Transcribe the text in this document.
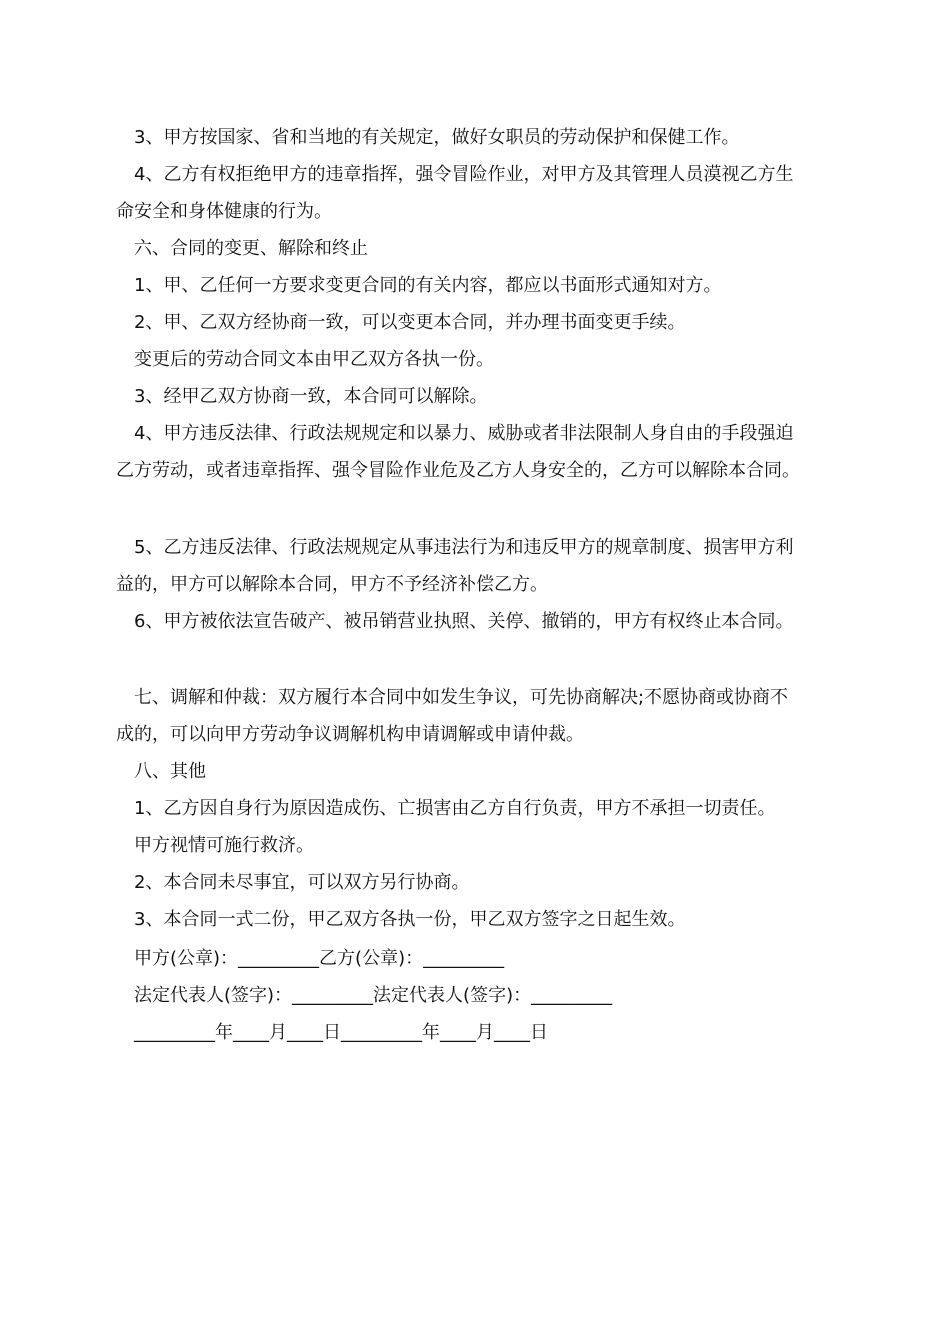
3、甲方按国家、省和当地的有关规定，做好女职员的劳动保护和保健工作。
4、乙方有权拒绝甲方的违章指挥，强令冒险作业，对甲方及其管理人员漠视乙方生
命安全和身体健康的行为。
六、合同的变更、解除和终止
1、甲、乙任何一方要求变更合同的有关内容，都应以书面形式通知对方。
2、甲、乙双方经协商一致，可以变更本合同，并办理书面变更手续。
变更后的劳动合同文本由甲乙双方各执一份。
3、经甲乙双方协商一致，本合同可以解除。
4、甲方违反法律、行政法规规定和以暴力、威胁或者非法限制人身自由的手段强迫
乙方劳动，或者违章指挥、强令冒险作业危及乙方人身安全的，乙方可以解除本合同。
5、乙方违反法律、行政法规规定从事违法行为和违反甲方的规章制度、损害甲方利
益的，甲方可以解除本合同，甲方不予经济补偿乙方。
6、甲方被依法宣告破产、被吊销营业执照、关停、撤销的，甲方有权终止本合同。
七、调解和仲裁：双方履行本合同中如发生争议，可先协商解决;不愿协商或协商不
成的，可以向甲方劳动争议调解机构申请调解或申请仲裁。
八、其他
1、乙方因自身行为原因造成伤、亡损害由乙方自行负责，甲方不承担一切责任。
甲方视情可施行救济。
2、本合同未尽事宜，可以双方另行协商。
3、本合同一式二份，甲乙双方各执一份，甲乙双方签字之日起生效。
甲方(公章)：_________乙方(公章)：_________
法定代表人(签字)：_________法定代表人(签字)：_________
_________年____月____日_________年____月____日
